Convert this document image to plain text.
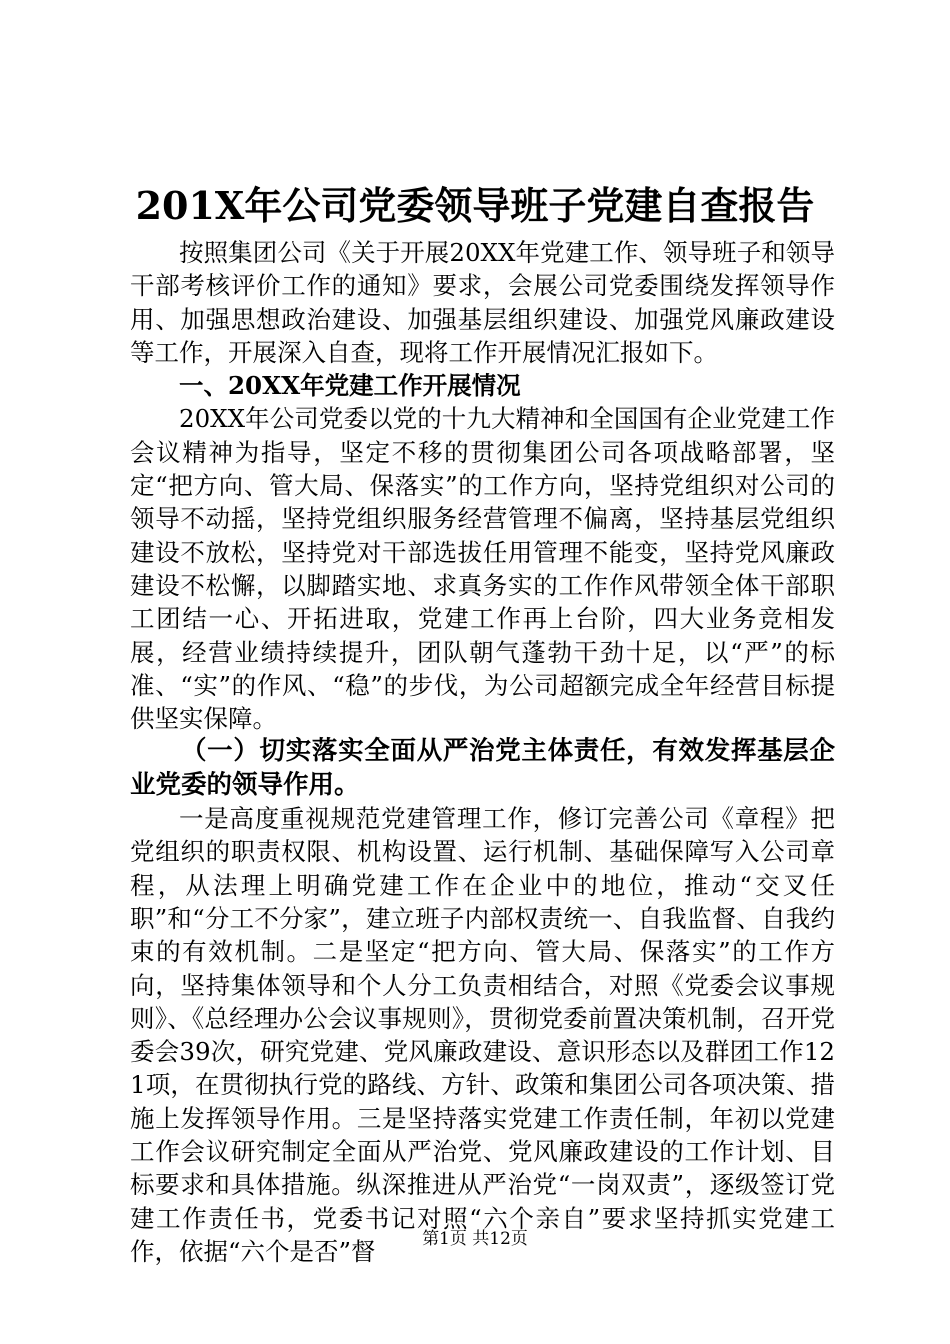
201X年公司党委领导班子党建自查报告

按照集团公司《关于开展20XX年党建工作、领导班子和领导干部考核评价工作的通知》要求，会展公司党委围绕发挥领导作用、加强思想政治建设、加强基层组织建设、加强党风廉政建设等工作，开展深入自查，现将工作开展情况汇报如下。

一、20XX年党建工作开展情况

20XX年公司党委以党的十九大精神和全国国有企业党建工作会议精神为指导，坚定不移的贯彻集团公司各项战略部署，坚定“把方向、管大局、保落实”的工作方向，坚持党组织对公司的领导不动摇，坚持党组织服务经营管理不偏离，坚持基层党组织建设不放松，坚持党对干部选拔任用管理不能变，坚持党风廉政建设不松懈，以脚踏实地、求真务实的工作作风带领全体干部职工团结一心、开拓进取，党建工作再上台阶，四大业务竞相发展，经营业绩持续提升，团队朝气蓬勃干劲十足，以“严”的标准、“实”的作风、“稳”的步伐，为公司超额完成全年经营目标提供坚实保障。

（一）切实落实全面从严治党主体责任，有效发挥基层企业党委的领导作用。

一是高度重视规范党建管理工作，修订完善公司《章程》把党组织的职责权限、机构设置、运行机制、基础保障写入公司章程，从法理上明确党建工作在企业中的地位，推动“交叉任职”和“分工不分家”，建立班子内部权责统一、自我监督、自我约束的有效机制。二是坚定“把方向、管大局、保落实”的工作方向，坚持集体领导和个人分工负责相结合，对照《党委会议事规则》、《总经理办公会议事规则》，贯彻党委前置决策机制，召开党委会39次，研究党建、党风廉政建设、意识形态以及群团工作121项，在贯彻执行党的路线、方针、政策和集团公司各项决策、措施上发挥领导作用。三是坚持落实党建工作责任制，年初以党建工作会议研究制定全面从严治党、党风廉政建设的工作计划、目标要求和具体措施。纵深推进从严治党“一岗双责”，逐级签订党建工作责任书，党委书记对照“六个亲自”要求坚持抓实党建工作，依据“六个是否”督	第1页 共12页
